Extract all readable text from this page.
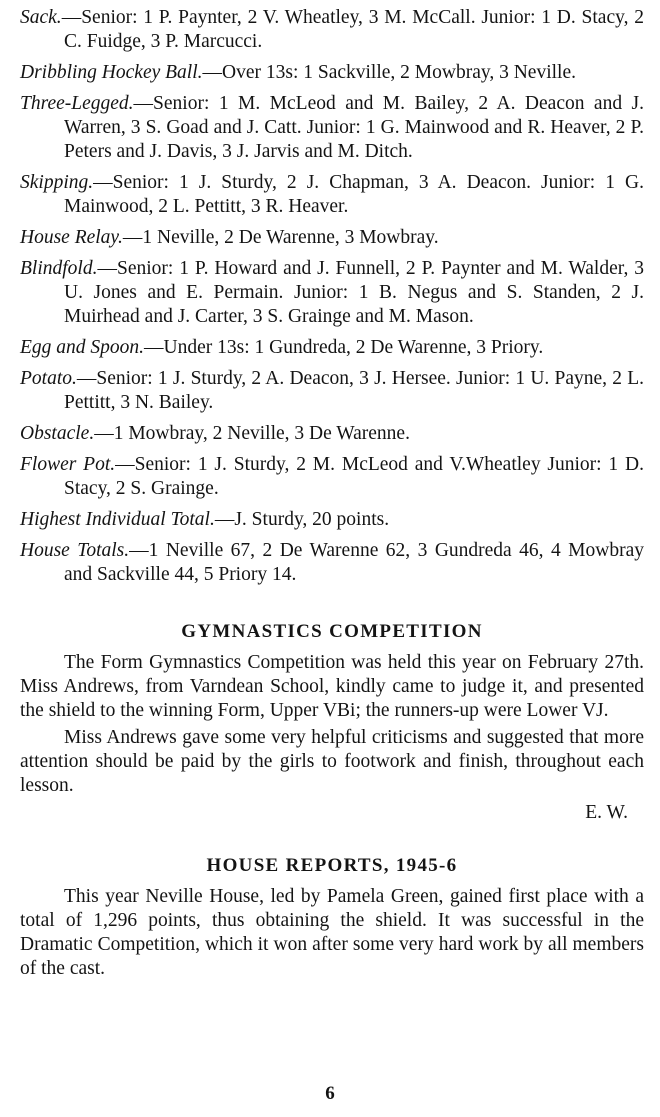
Sack.—Senior: 1 P. Paynter, 2 V. Wheatley, 3 M. McCall. Junior: 1 D. Stacy, 2 C. Fuidge, 3 P. Marcucci.

Dribbling Hockey Ball.—Over 13s: 1 Sackville, 2 Mowbray, 3 Neville.

Three-Legged.—Senior: 1 M. McLeod and M. Bailey, 2 A. Deacon and J. Warren, 3 S. Goad and J. Catt. Junior: 1 G. Mainwood and R. Heaver, 2 P. Peters and J. Davis, 3 J. Jarvis and M. Ditch.

Skipping.—Senior: 1 J. Sturdy, 2 J. Chapman, 3 A. Deacon. Junior: 1 G. Mainwood, 2 L. Pettitt, 3 R. Heaver.

House Relay.—1 Neville, 2 De Warenne, 3 Mowbray.

Blindfold.—Senior: 1 P. Howard and J. Funnell, 2 P. Paynter and M. Walder, 3 U. Jones and E. Permain. Junior: 1 B. Negus and S. Standen, 2 J. Muirhead and J. Carter, 3 S. Grainge and M. Mason.

Egg and Spoon.—Under 13s: 1 Gundreda, 2 De Warenne, 3 Priory.

Potato.—Senior: 1 J. Sturdy, 2 A. Deacon, 3 J. Hersee. Junior: 1 U. Payne, 2 L. Pettitt, 3 N. Bailey.

Obstacle.—1 Mowbray, 2 Neville, 3 De Warenne.

Flower Pot.—Senior: 1 J. Sturdy, 2 M. McLeod and V.Wheatley Junior: 1 D. Stacy, 2 S. Grainge.

Highest Individual Total.—J. Sturdy, 20 points.

House Totals.—1 Neville 67, 2 De Warenne 62, 3 Gundreda 46, 4 Mowbray and Sackville 44, 5 Priory 14.

GYMNASTICS COMPETITION

The Form Gymnastics Competition was held this year on February 27th. Miss Andrews, from Varndean School, kindly came to judge it, and presented the shield to the winning Form, Upper VBi; the runners-up were Lower VJ.

Miss Andrews gave some very helpful criticisms and suggested that more attention should be paid by the girls to footwork and finish, throughout each lesson.

E. W.

HOUSE REPORTS, 1945-6

This year Neville House, led by Pamela Green, gained first place with a total of 1,296 points, thus obtaining the shield. It was successful in the Dramatic Competition, which it won after some very hard work by all members of the cast.

6
